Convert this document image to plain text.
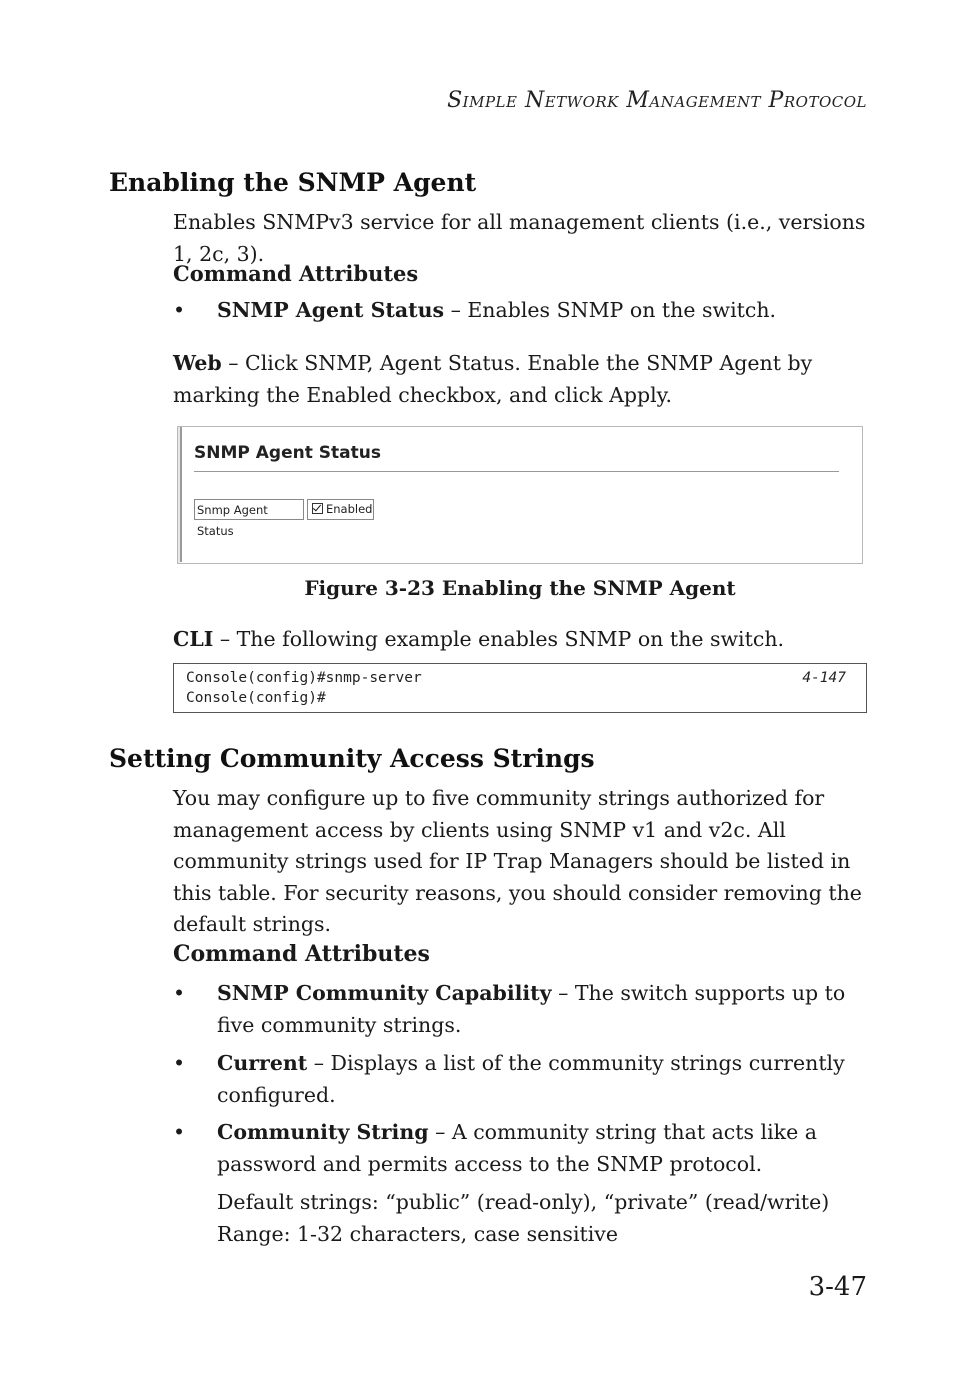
Simple Network Management Protocol
Enabling the SNMP Agent
Enables SNMPv3 service for all management clients (i.e., versions 1, 2c, 3).
Command Attributes
•	SNMP Agent Status – Enables SNMP on the switch.
Web – Click SNMP, Agent Status. Enable the SNMP Agent by marking the Enabled checkbox, and click Apply.
SNMP Agent Status
Snmp Agent Status
Enabled
Figure 3-23 Enabling the SNMP Agent
CLI – The following example enables SNMP on the switch.
Console(config)#snmp-server	4-147
Console(config)#
Setting Community Access Strings
You may configure up to five community strings authorized for management access by clients using SNMP v1 and v2c. All community strings used for IP Trap Managers should be listed in this table. For security reasons, you should consider removing the default strings.
Command Attributes
•	SNMP Community Capability – The switch supports up to five community strings.
•	Current – Displays a list of the community strings currently configured.
•	Community String – A community string that acts like a password and permits access to the SNMP protocol.
Default strings: “public” (read-only), “private” (read/write)
Range: 1-32 characters, case sensitive
3-47
